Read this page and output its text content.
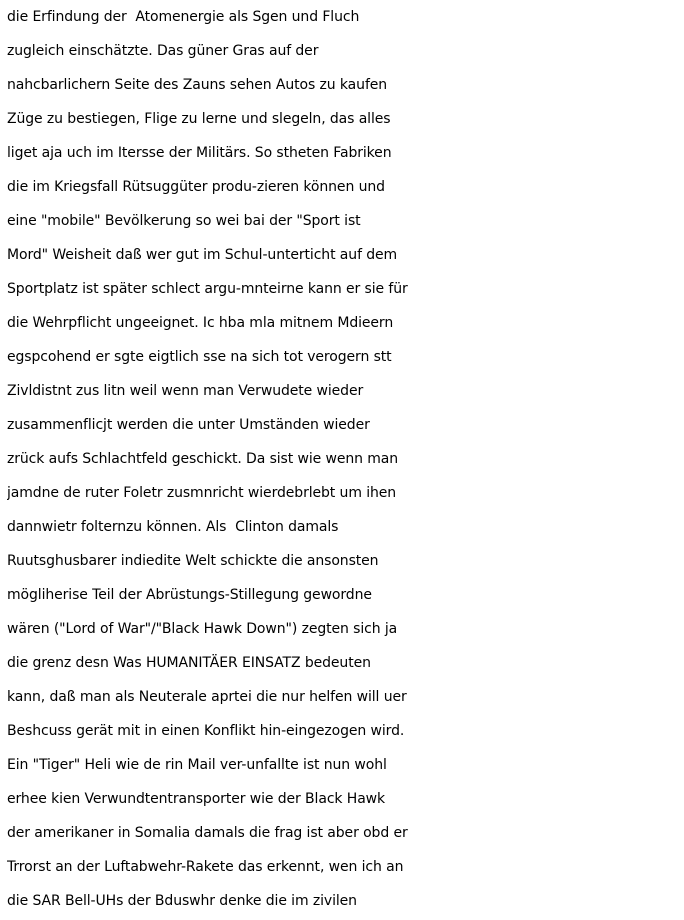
die Erfindung der  Atomenergie als Sgen und Fluch
zugleich einschätzte. Das güner Gras auf der
nahcbarlichern Seite des Zauns sehen Autos zu kaufen
Züge zu bestiegen, Flige zu lerne und slegeln, das alles
liget aja uch im Itersse der Militärs. So stheten Fabriken
die im Kriegsfall Rütsuggüter produ-zieren können und
eine "mobile" Bevölkerung so wei bai der "Sport ist
Mord" Weisheit daß wer gut im Schul-unterticht auf dem
Sportplatz ist später schlect argu-mnteirne kann er sie für
die Wehrpflicht ungeeignet. Ic hba mla mitnem Mdieern
egspcohend er sgte eigtlich sse na sich tot verogern stt
Zivldistnt zus litn weil wenn man Verwudete wieder
zusammenflicjt werden die unter Umständen wieder
zrück aufs Schlachtfeld geschickt. Da sist wie wenn man
jamdne de ruter Foletr zusmnricht wierdebrlebt um ihen
dannwietr folternzu können. Als  Clinton damals
Ruutsghusbarer indiedite Welt schickte die ansonsten
mögliherise Teil der Abrüstungs-Stillegung gewordne
wären ("Lord of War"/"Black Hawk Down") zegten sich ja
die grenz desn Was HUMANITÄER EINSATZ bedeuten
kann, daß man als Neuterale aprtei die nur helfen will uer
Beshcuss gerät mit in einen Konflikt hin-eingezogen wird.
Ein "Tiger" Heli wie de rin Mail ver-unfallte ist nun wohl
erhee kien Verwundtentransporter wie der Black Hawk
der amerikaner in Somalia damals die frag ist aber obd er
Trrorst an der Luftabwehr-Rakete das erkennt, wen ich an
die SAR Bell-UHs der Bduswhr denke die im zivilen
